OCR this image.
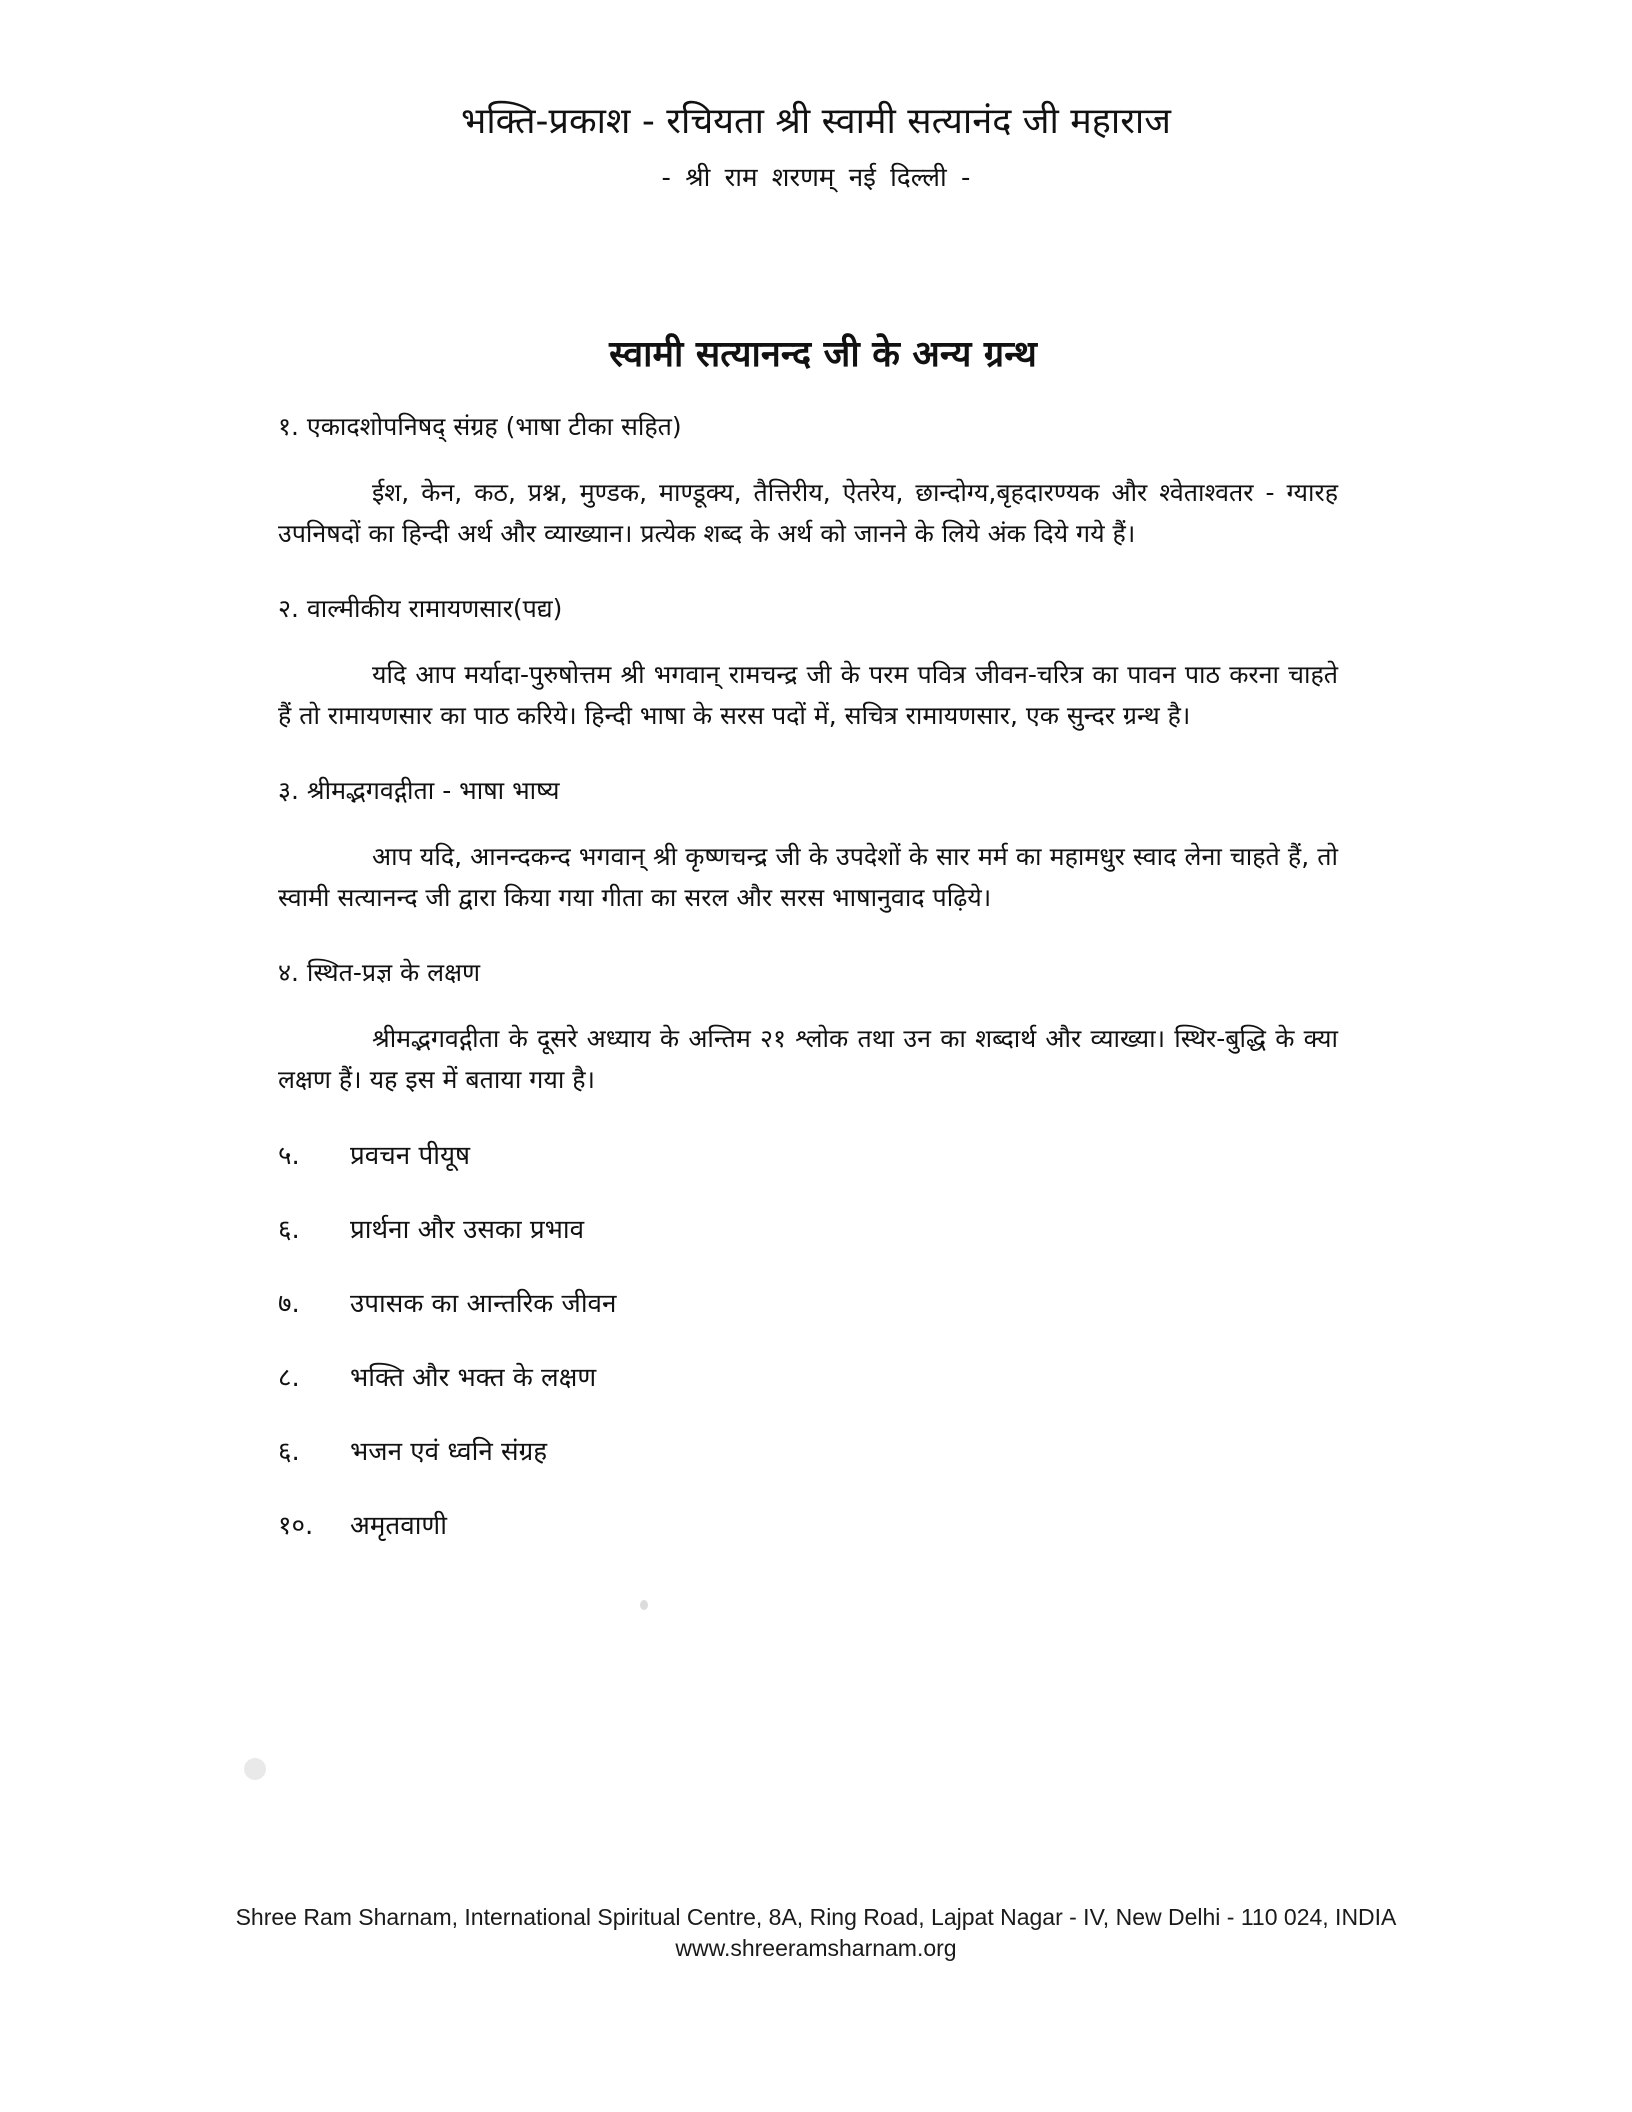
भक्ति-प्रकाश - रचियता श्री स्वामी सत्यानंद जी महाराज
- श्री राम शरणम् नई दिल्ली -
स्वामी सत्यानन्द जी के अन्य ग्रन्थ

१. एकादशोपनिषद् संग्रह (भाषा टीका सहित)

ईश, केन, कठ, प्रश्न, मुण्डक, माण्डूक्य, तैत्तिरीय, ऐतरेय, छान्दोग्य,बृहदारण्यक और श्वेताश्वतर - ग्यारह उपनिषदों का हिन्दी अर्थ और व्याख्यान। प्रत्येक शब्द के अर्थ को जानने के लिये अंक दिये गये हैं।

२. वाल्मीकीय रामायणसार(पद्य)

यदि आप मर्यादा-पुरुषोत्तम श्री भगवान् रामचन्द्र जी के परम पवित्र जीवन-चरित्र का पावन पाठ करना चाहते हैं तो रामायणसार का पाठ करिये। हिन्दी भाषा के सरस पदों में, सचित्र रामायणसार, एक सुन्दर ग्रन्थ है।

३. श्रीमद्भगवद्गीता - भाषा भाष्य

आप यदि, आनन्दकन्द भगवान् श्री कृष्णचन्द्र जी के उपदेशों के सार मर्म का महामधुर स्वाद लेना चाहते हैं, तो स्वामी सत्यानन्द जी द्वारा किया गया गीता का सरल और सरस भाषानुवाद पढ़िये।

४. स्थित-प्रज्ञ के लक्षण

श्रीमद्भगवद्गीता के दूसरे अध्याय के अन्तिम २१ श्लोक तथा उन का शब्दार्थ और व्याख्या। स्थिर-बुद्धि के क्या लक्षण हैं। यह इस में बताया गया है।

५.	प्रवचन पीयूष
६.	प्रार्थना और उसका प्रभाव
७.	उपासक का आन्तरिक जीवन
८.	भक्ति और भक्त के लक्षण
६.	भजन एवं ध्वनि संग्रह
१०.	अमृतवाणी
Shree Ram Sharnam, International Spiritual Centre, 8A, Ring Road, Lajpat Nagar - IV, New Delhi - 110 024, INDIA
www.shreeramsharnam.org
